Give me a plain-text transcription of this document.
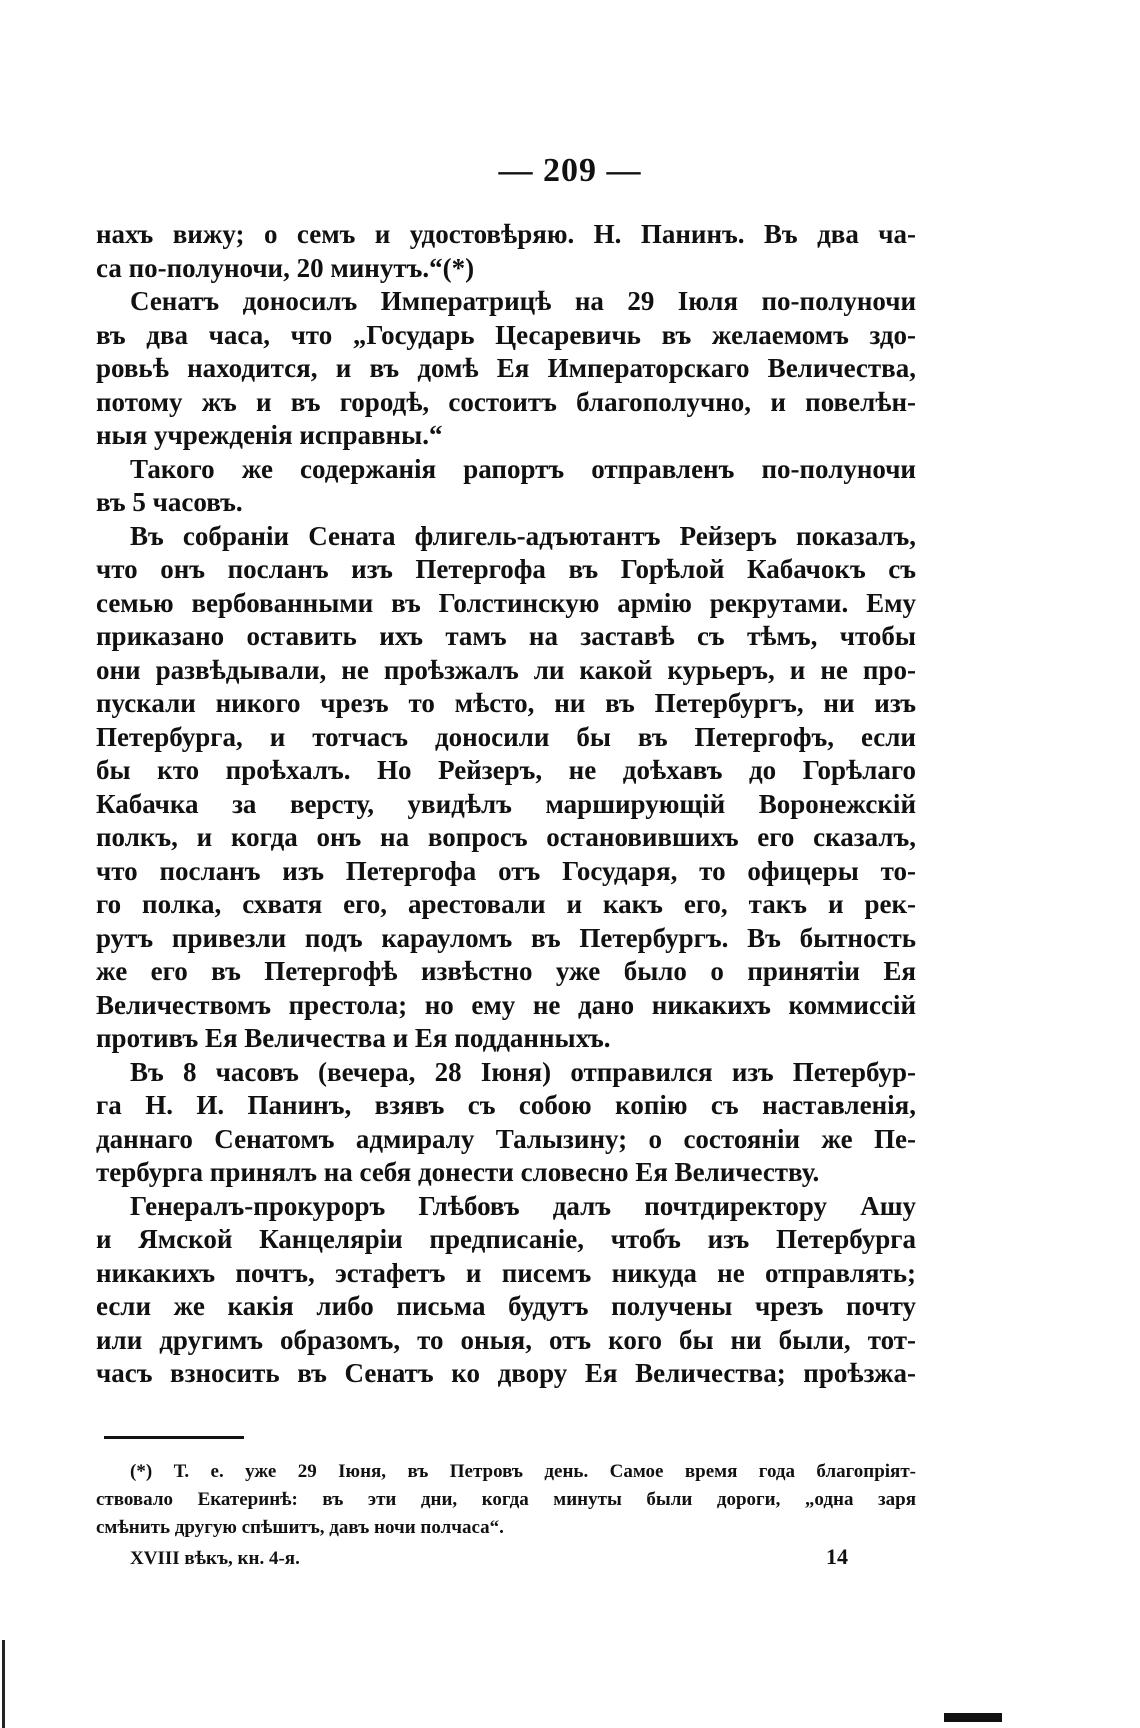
— 209 —
нахъ вижу; о семъ и удостовѣряю. Н. Панинъ. Въ два ча-
са по-полуночи, 20 минутъ.“(*)
Сенатъ доносилъ Императрицѣ на 29 Іюля по-полуночи
въ два часа, что „Государь Цесаревичь въ желаемомъ здо-
ровьѣ находится, и въ домѣ Ея Императорскаго Величества,
потому жъ и въ городѣ, состоитъ благополучно, и повелѣн-
ныя учрежденія исправны.“
Такого же содержанія рапортъ отправленъ по-полуночи
въ 5 часовъ.
Въ собраніи Сената флигель-адъютантъ Рейзеръ показалъ,
что онъ посланъ изъ Петергофа въ Горѣлой Кабачокъ съ
семью вербованными въ Голстинскую армію рекрутами. Ему
приказано оставить ихъ тамъ на заставѣ съ тѣмъ, чтобы
они развѣдывали, не проѣзжалъ ли какой курьеръ, и не про-
пускали никого чрезъ то мѣсто, ни въ Петербургъ, ни изъ
Петербурга, и тотчасъ доносили бы въ Петергофъ, если
бы кто проѣхалъ. Но Рейзеръ, не доѣхавъ до Горѣлаго
Кабачка за версту, увидѣлъ марширующій Воронежскій
полкъ, и когда онъ на вопросъ остановившихъ его сказалъ,
что посланъ изъ Петергофа отъ Государя, то офицеры то-
го полка, схватя его, арестовали и какъ его, такъ и рек-
рутъ привезли подъ карауломъ въ Петербургъ. Въ бытность
же его въ Петергофѣ извѣстно уже было о принятіи Ея
Величествомъ престола; но ему не дано никакихъ коммиссій
противъ Ея Величества и Ея подданныхъ.
Въ 8 часовъ (вечера, 28 Іюня) отправился изъ Петербур-
га Н. И. Панинъ, взявъ съ собою копію съ наставленія,
даннаго Сенатомъ адмиралу Талызину; о состояніи же Пе-
тербурга принялъ на себя донести словесно Ея Величеству.
Генералъ-прокуроръ Глѣбовъ далъ почтдиректору Ашу
и Ямской Канцеляріи предписаніе, чтобъ изъ Петербурга
никакихъ почтъ, эстафетъ и писемъ никуда не отправлять;
если же какія либо письма будутъ получены чрезъ почту
или другимъ образомъ, то оныя, отъ кого бы ни были, тот-
часъ взносить въ Сенатъ ко двору Ея Величества; проѣзжа-
(*) Т. е. уже 29 Іюня, въ Петровъ день. Самое время года благопріят-
ствовало Екатеринѣ: въ эти дни, когда минуты были дороги, „одна заря
смѣнить другую спѣшитъ, давъ ночи полчаса“.
XVIII вѣкъ, кн. 4-я.	14
